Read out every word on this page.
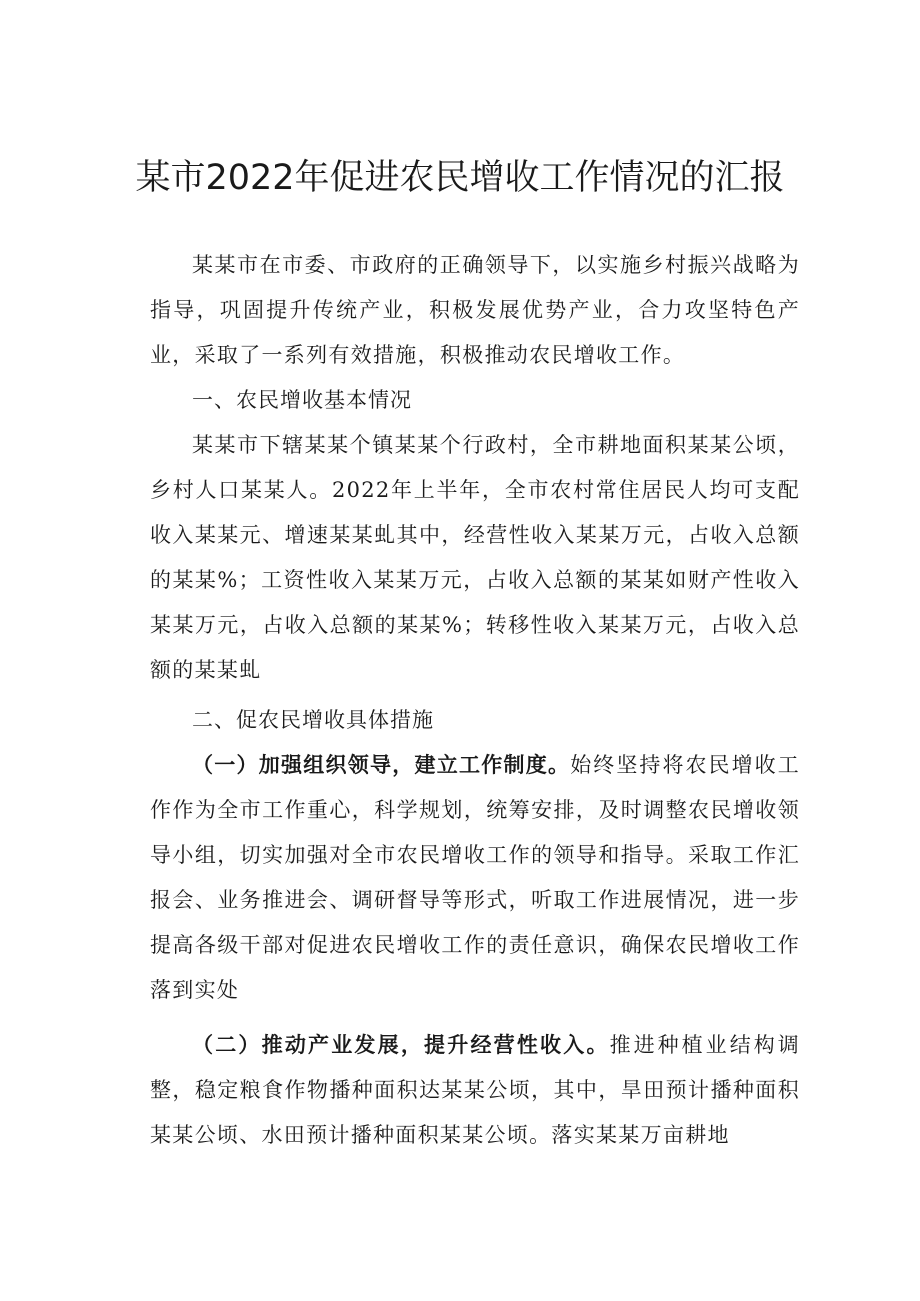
某市2022年促进农民增收工作情况的汇报

某某市在市委、市政府的正确领导下，以实施乡村振兴战略为指导，巩固提升传统产业，积极发展优势产业，合力攻坚特色产业，采取了一系列有效措施，积极推动农民增收工作。

一、农民增收基本情况

某某市下辖某某个镇某某个行政村，全市耕地面积某某公顷，乡村人口某某人。2022年上半年，全市农村常住居民人均可支配收入某某元、增速某某虬其中，经营性收入某某万元，占收入总额的某某%；工资性收入某某万元，占收入总额的某某如财产性收入某某万元，占收入总额的某某%；转移性收入某某万元，占收入总额的某某虬

二、促农民增收具体措施

（一）加强组织领导，建立工作制度。始终坚持将农民增收工作作为全市工作重心，科学规划，统筹安排，及时调整农民增收领导小组，切实加强对全市农民增收工作的领导和指导。采取工作汇报会、业务推进会、调研督导等形式，听取工作进展情况，进一步提高各级干部对促进农民增收工作的责任意识，确保农民增收工作落到实处

（二）推动产业发展，提升经营性收入。推进种植业结构调整，稳定粮食作物播种面积达某某公顷，其中，旱田预计播种面积某某公顷、水田预计播种面积某某公顷。落实某某万亩耕地
